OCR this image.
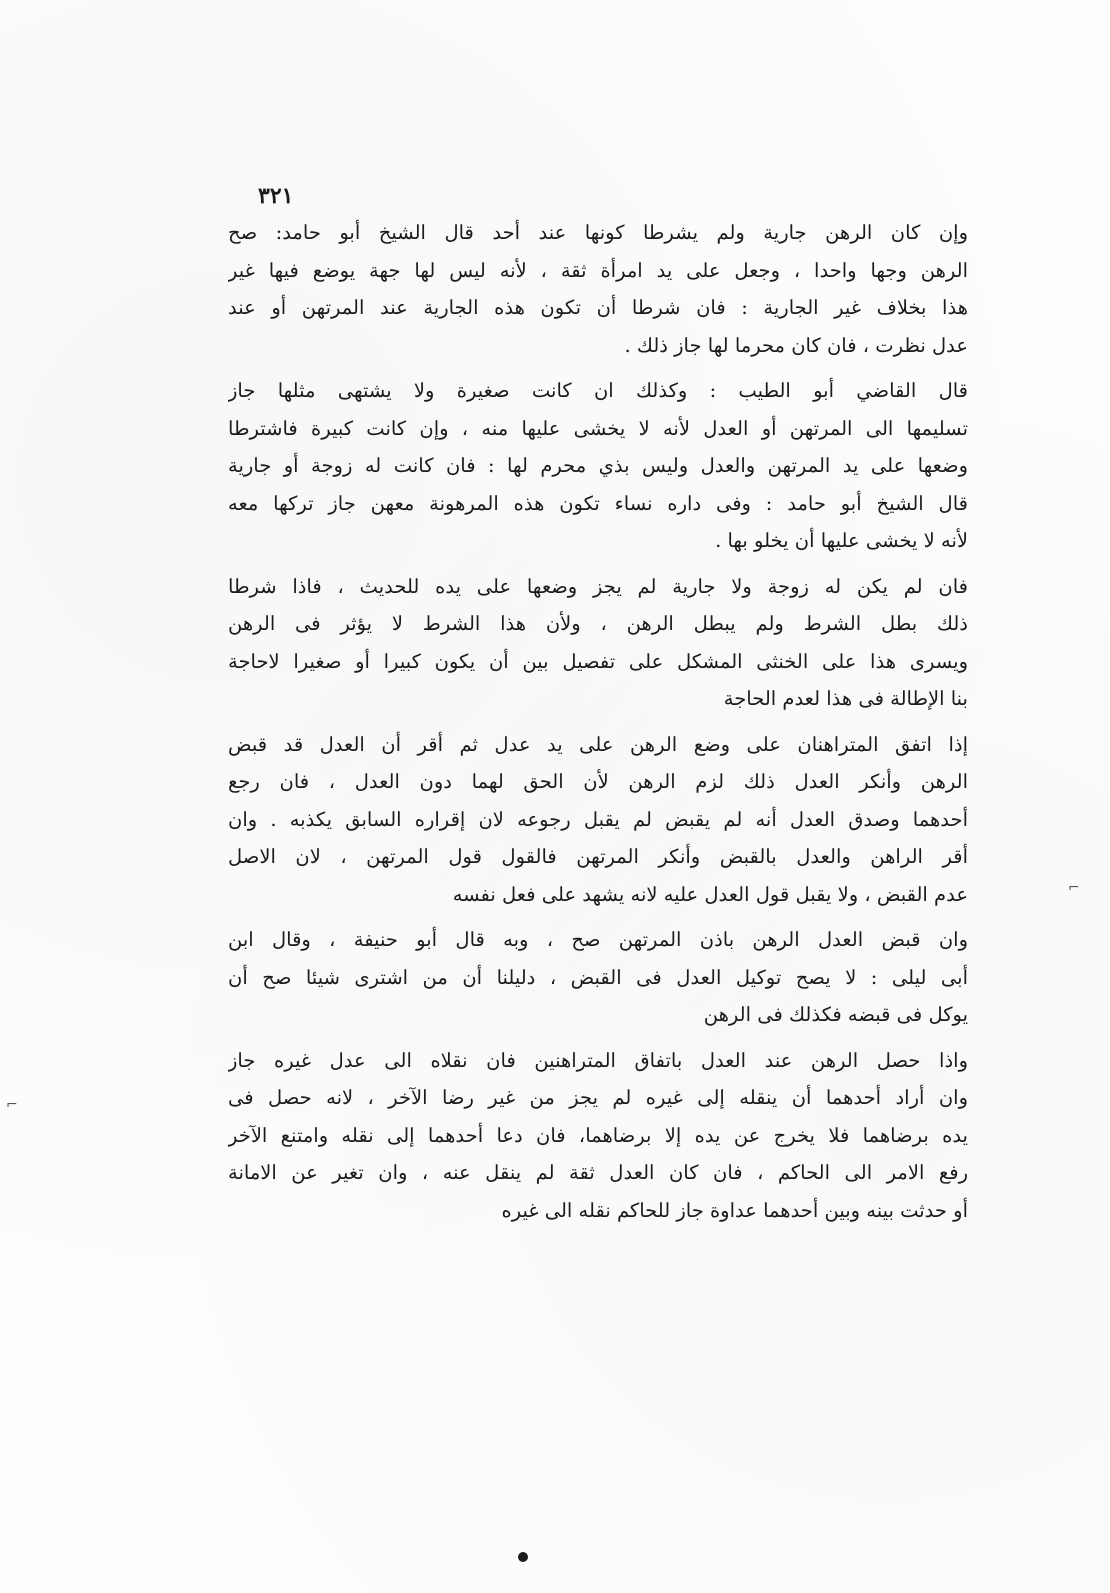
٣٢١
وإن كان الرهن جارية ولم يشرطا كونها عند أحد قال الشيخ أبو حامد: صح
الرهن وجها واحدا ، وجعل على يد امرأة ثقة ، لأنه ليس لها جهة يوضع فيها غير
هذا بخلاف غير الجارية : فان شرطا أن تكون هذه الجارية عند المرتهن أو عند
عدل نظرت ، فان كان محرما لها جاز ذلك .
قال القاضي أبو الطيب : وكذلك ان كانت صغيرة ولا يشتهى مثلها جاز
تسليمها الى المرتهن أو العدل لأنه لا يخشى عليها منه ، وإن كانت كبيرة فاشترطا
وضعها على يد المرتهن والعدل وليس بذي محرم لها : فان كانت له زوجة أو جارية
قال الشيخ أبو حامد : وفى داره نساء تكون هذه المرهونة معهن جاز تركها معه
لأنه لا يخشى عليها أن يخلو بها .
فان لم يكن له زوجة ولا جارية لم يجز وضعها على يده للحديث ، فاذا شرطا
ذلك بطل الشرط ولم يبطل الرهن ، ولأن هذا الشرط لا يؤثر فى الرهن
ويسرى هذا على الخنثى المشكل على تفصيل بين أن يكون كبيرا أو صغيرا لاحاجة
بنا الإطالة فى هذا لعدم الحاجة
إذا اتفق المتراهنان على وضع الرهن على يد عدل ثم أقر أن العدل قد قبض
الرهن وأنكر العدل ذلك لزم الرهن لأن الحق لهما دون العدل ، فان رجع
أحدهما وصدق العدل أنه لم يقبض لم يقبل رجوعه لان إقراره السابق يكذبه . وان
أقر الراهن والعدل بالقبض وأنكر المرتهن فالقول قول المرتهن ، لان الاصل
عدم القبض ، ولا يقبل قول العدل عليه لانه يشهد على فعل نفسه
وان قبض العدل الرهن باذن المرتهن صح ، وبه قال أبو حنيفة ، وقال ابن
أبى ليلى : لا يصح توكيل العدل فى القبض ، دليلنا أن من اشترى شيئا صح أن
يوكل فى قبضه فكذلك فى الرهن
واذا حصل الرهن عند العدل باتفاق المتراهنين فان نقلاه الى عدل غيره جاز
وان أراد أحدهما أن ينقله إلى غيره لم يجز من غير رضا الآخر ، لانه حصل فى
يده برضاهما فلا يخرج عن يده إلا برضاهما، فان دعا أحدهما إلى نقله وامتنع الآخر
رفع الامر الى الحاكم ، فان كان العدل ثقة لم ينقل عنه ، وان تغير عن الامانة
أو حدثت بينه وبين أحدهما عداوة جاز للحاكم نقله الى غيره
⌐
⌐
